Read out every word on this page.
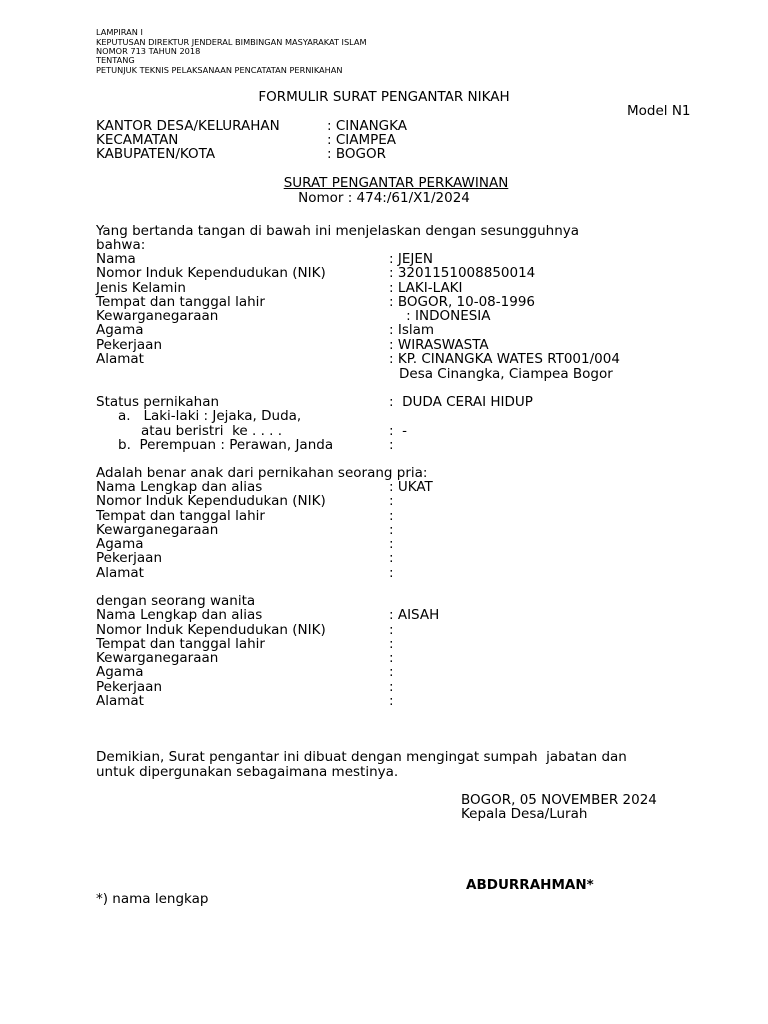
LAMPIRAN I
KEPUTUSAN DIREKTUR JENDERAL BIMBINGAN MASYARAKAT ISLAM
NOMOR 713 TAHUN 2018
TENTANG
PETUNJUK TEKNIS PELAKSANAAN PENCATATAN PERNIKAHAN
FORMULIR SURAT PENGANTAR NIKAH
Model N1
KANTOR DESA/KELURAHAN	: CINANGKA
KECAMATAN	: CIAMPEA
KABUPATEN/KOTA	: BOGOR
SURAT PENGANTAR PERKAWINAN
Nomor : 474:/61/X1/2024
Yang bertanda tangan di bawah ini menjelaskan dengan sesungguhnya
bahwa:
Nama	: JEJEN
Nomor Induk Kependudukan (NIK)	: 3201151008850014
Jenis Kelamin	: LAKI-LAKI
Tempat dan tanggal lahir	: BOGOR, 10-08-1996
Kewarganegaraan	: INDONESIA
Agama	: Islam
Pekerjaan	: WIRASWASTA
Alamat	: KP. CINANGKA WATES RT001/004
Desa Cinangka, Ciampea Bogor
Status pernikahan	:  DUDA CERAI HIDUP
a.   Laki-laki : Jejaka, Duda,
atau beristri  ke . . . .	:  -
b.  Perempuan : Perawan, Janda	:
Adalah benar anak dari pernikahan seorang pria:
Nama Lengkap dan alias	: UKAT
Nomor Induk Kependudukan (NIK)	:
Tempat dan tanggal lahir	:
Kewarganegaraan	:
Agama	:
Pekerjaan	:
Alamat	:
dengan seorang wanita
Nama Lengkap dan alias	: AISAH
Nomor Induk Kependudukan (NIK)	:
Tempat dan tanggal lahir	:
Kewarganegaraan	:
Agama	:
Pekerjaan	:
Alamat	:
Demikian, Surat pengantar ini dibuat dengan mengingat sumpah  jabatan dan
untuk dipergunakan sebagaimana mestinya.
BOGOR, 05 NOVEMBER 2024
Kepala Desa/Lurah
ABDURRAHMAN*
*) nama lengkap
